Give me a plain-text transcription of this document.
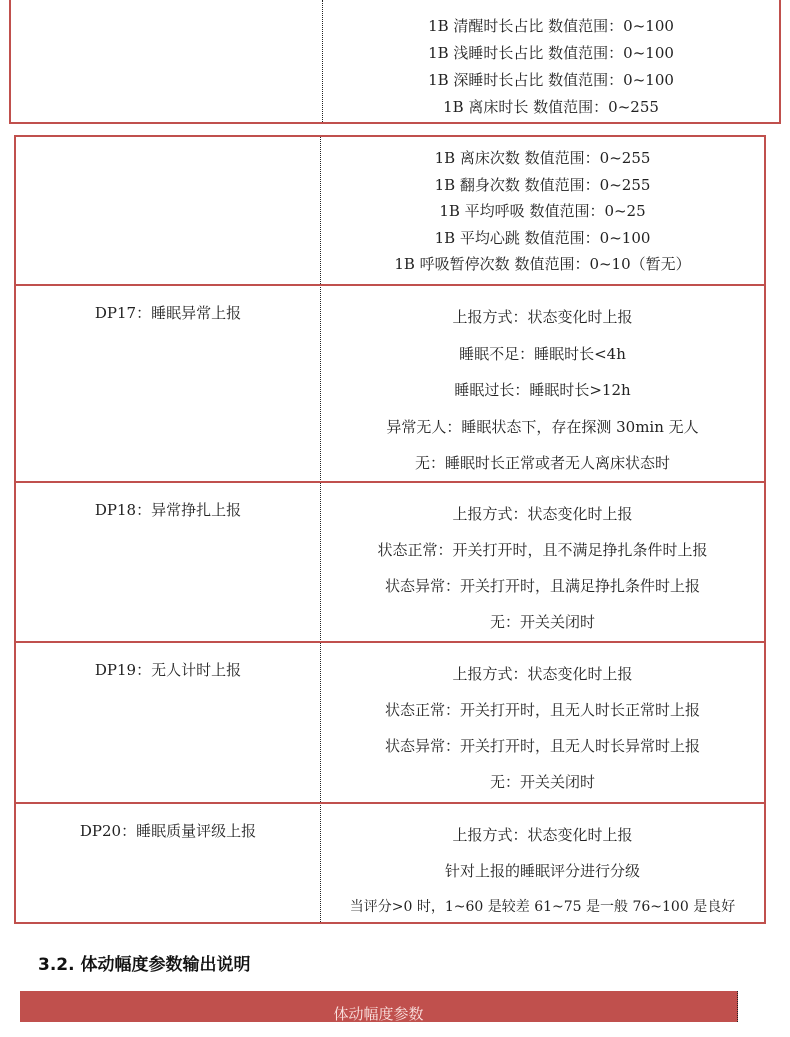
1B 清醒时长占比 数值范围：0~100
1B 浅睡时长占比 数值范围：0~100
1B 深睡时长占比 数值范围：0~100
1B 离床时长 数值范围：0~255
1B 离床次数 数值范围：0~255
1B 翻身次数 数值范围：0~255
1B 平均呼吸 数值范围：0~25
1B 平均心跳 数值范围：0~100
1B 呼吸暂停次数 数值范围：0~10（暂无）
DP17：睡眠异常上报	上报方式：状态变化时上报
睡眠不足：睡眠时长<4h
睡眠过长：睡眠时长>12h
异常无人：睡眠状态下，存在探测 30min 无人
无：睡眠时长正常或者无人离床状态时
DP18：异常挣扎上报	上报方式：状态变化时上报
状态正常：开关打开时，且不满足挣扎条件时上报
状态异常：开关打开时，且满足挣扎条件时上报
无：开关关闭时
DP19：无人计时上报	上报方式：状态变化时上报
状态正常：开关打开时，且无人时长正常时上报
状态异常：开关打开时，且无人时长异常时上报
无：开关关闭时
DP20：睡眠质量评级上报	上报方式：状态变化时上报
针对上报的睡眠评分进行分级
当评分>0 时，1~60 是较差 61~75 是一般 76~100 是良好
3.2. 体动幅度参数输出说明
体动幅度参数
